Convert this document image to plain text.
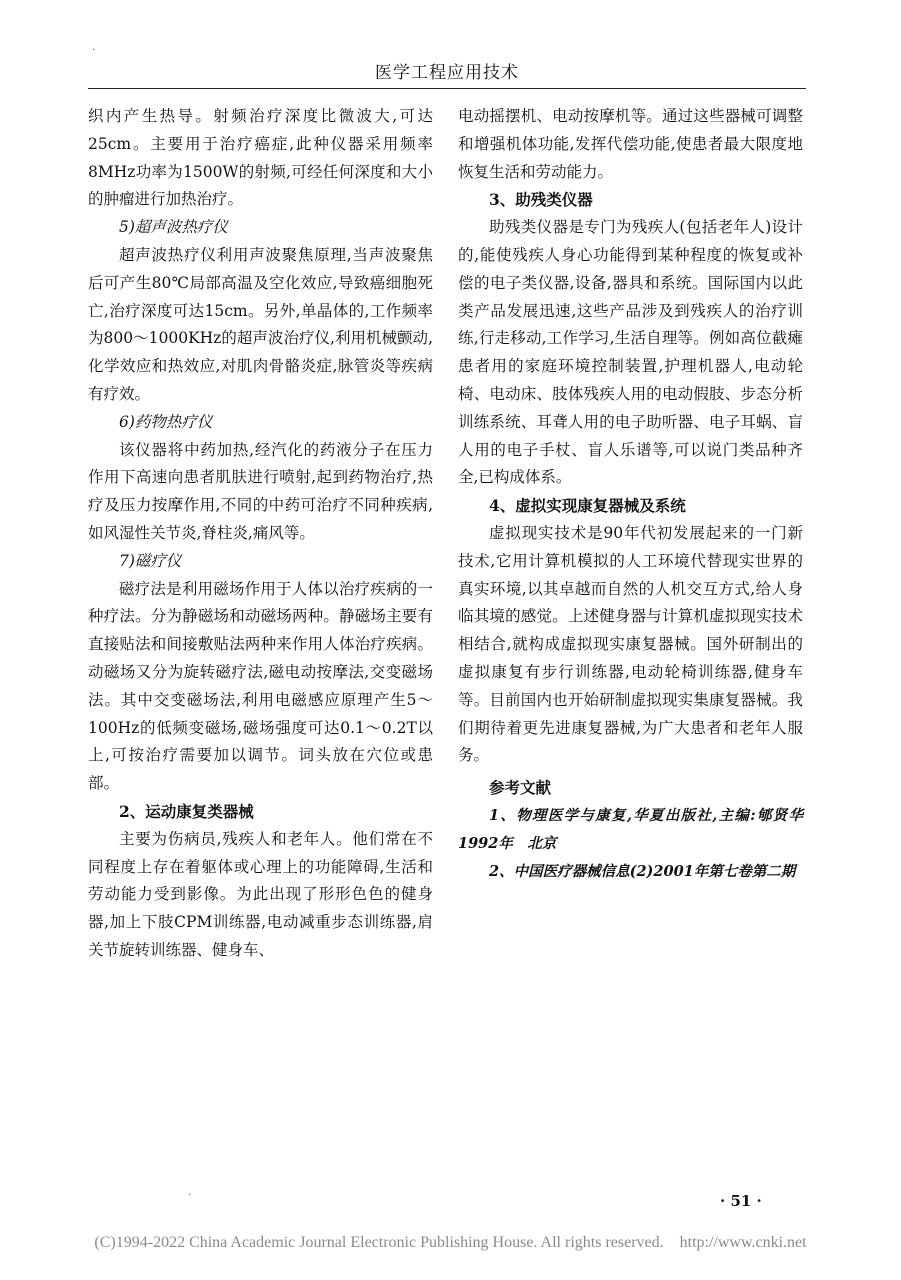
·
医学工程应用技术

织内产生热导。射频治疗深度比微波大,可达25cm。主要用于治疗癌症,此种仪器采用频率8MHz功率为1500W的射频,可经任何深度和大小的肿瘤进行加热治疗。

5)超声波热疗仪

超声波热疗仪利用声波聚焦原理,当声波聚焦后可产生80℃局部高温及空化效应,导致癌细胞死亡,治疗深度可达15cm。另外,单晶体的,工作频率为800～1000KHz的超声波治疗仪,利用机械颤动,化学效应和热效应,对肌肉骨骼炎症,脉管炎等疾病有疗效。

6)药物热疗仪

该仪器将中药加热,经汽化的药液分子在压力作用下高速向患者肌肤进行喷射,起到药物治疗,热疗及压力按摩作用,不同的中药可治疗不同种疾病,如风湿性关节炎,脊柱炎,痛风等。

7)磁疗仪

磁疗法是利用磁场作用于人体以治疗疾病的一种疗法。分为静磁场和动磁场两种。静磁场主要有直接贴法和间接敷贴法两种来作用人体治疗疾病。动磁场又分为旋转磁疗法,磁电动按摩法,交变磁场法。其中交变磁场法,利用电磁感应原理产生5～100Hz的低频变磁场,磁场强度可达0.1～0.2T以上,可按治疗需要加以调节。词头放在穴位或患部。

2、运动康复类器械

主要为伤病员,残疾人和老年人。他们常在不同程度上存在着躯体或心理上的功能障碍,生活和劳动能力受到影像。为此出现了形形色色的健身器,加上下肢CPM训练器,电动减重步态训练器,肩关节旋转训练器、健身车、

电动摇摆机、电动按摩机等。通过这些器械可调整和增强机体功能,发挥代偿功能,使患者最大限度地恢复生活和劳动能力。

3、助残类仪器

助残类仪器是专门为残疾人(包括老年人)设计的,能使残疾人身心功能得到某种程度的恢复或补偿的电子类仪器,设备,器具和系统。国际国内以此类产品发展迅速,这些产品涉及到残疾人的治疗训练,行走移动,工作学习,生活自理等。例如高位截瘫患者用的家庭环境控制装置,护理机器人,电动轮椅、电动床、肢体残疾人用的电动假肢、步态分析训练系统、耳聋人用的电子助听器、电子耳蜗、盲人用的电子手杖、盲人乐谱等,可以说门类品种齐全,已构成体系。

4、虚拟实现康复器械及系统

虚拟现实技术是90年代初发展起来的一门新技术,它用计算机模拟的人工环境代替现实世界的真实环境,以其卓越而自然的人机交互方式,给人身临其境的感觉。上述健身器与计算机虚拟现实技术相结合,就构成虚拟现实康复器械。国外研制出的虚拟康复有步行训练器,电动轮椅训练器,健身车等。目前国内也开始研制虚拟现实集康复器械。我们期待着更先进康复器械,为广大患者和老年人服务。

参考文献

1、物理医学与康复,华夏出版社,主编:郇贤华　1992年　北京

2、中国医疗器械信息(2)2001年第七卷第二期

·	· 51 ·
(C)1994-2022 China Academic Journal Electronic Publishing House. All rights reserved.　http://www.cnki.net
